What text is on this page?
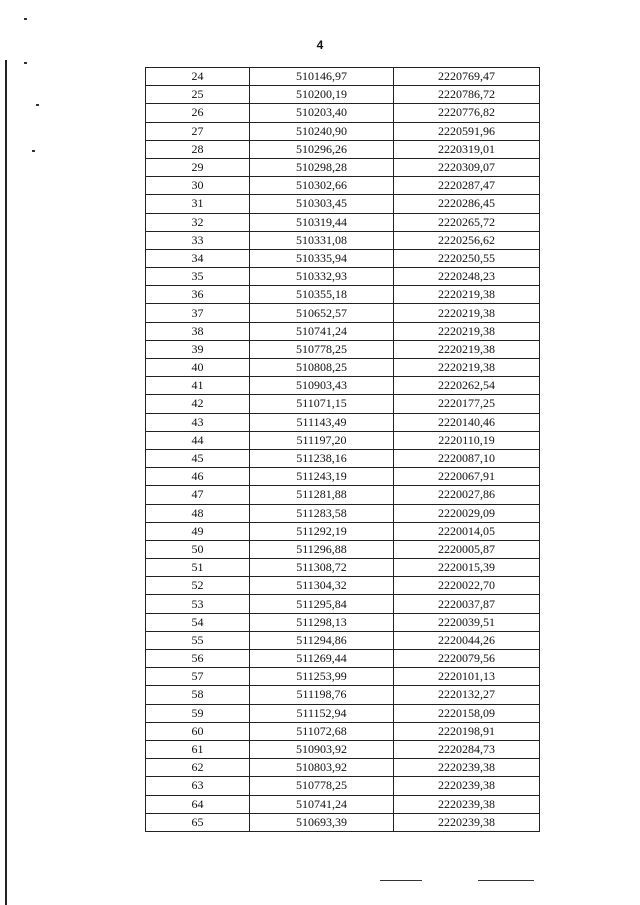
4
24	510146,97	2220769,47
25	510200,19	2220786,72
26	510203,40	2220776,82
27	510240,90	2220591,96
28	510296,26	2220319,01
29	510298,28	2220309,07
30	510302,66	2220287,47
31	510303,45	2220286,45
32	510319,44	2220265,72
33	510331,08	2220256,62
34	510335,94	2220250,55
35	510332,93	2220248,23
36	510355,18	2220219,38
37	510652,57	2220219,38
38	510741,24	2220219,38
39	510778,25	2220219,38
40	510808,25	2220219,38
41	510903,43	2220262,54
42	511071,15	2220177,25
43	511143,49	2220140,46
44	511197,20	2220110,19
45	511238,16	2220087,10
46	511243,19	2220067,91
47	511281,88	2220027,86
48	511283,58	2220029,09
49	511292,19	2220014,05
50	511296,88	2220005,87
51	511308,72	2220015,39
52	511304,32	2220022,70
53	511295,84	2220037,87
54	511298,13	2220039,51
55	511294,86	2220044,26
56	511269,44	2220079,56
57	511253,99	2220101,13
58	511198,76	2220132,27
59	511152,94	2220158,09
60	511072,68	2220198,91
61	510903,92	2220284,73
62	510803,92	2220239,38
63	510778,25	2220239,38
64	510741,24	2220239,38
65	510693,39	2220239,38
